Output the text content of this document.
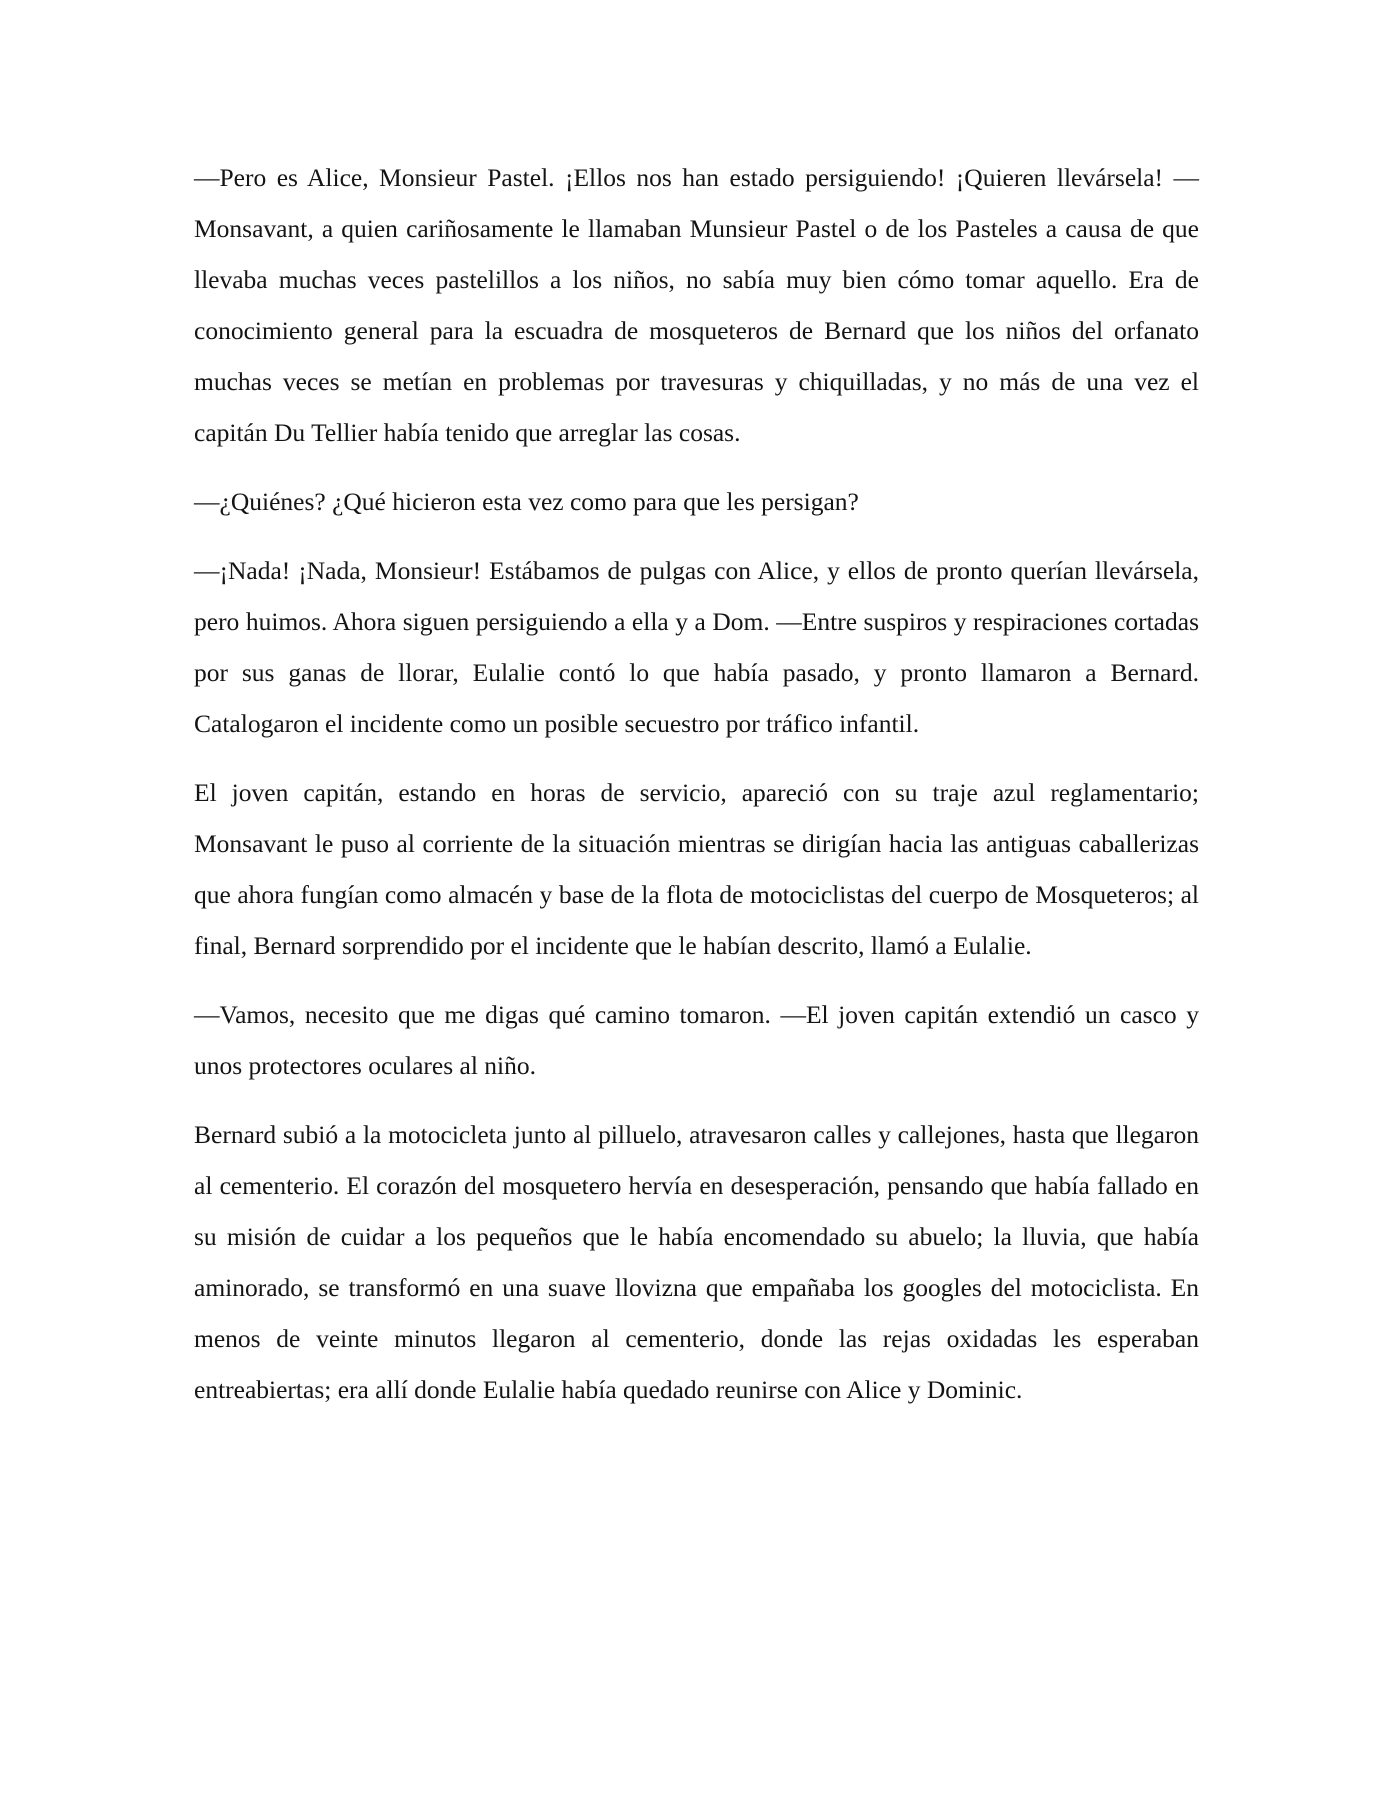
—Pero es Alice, Monsieur Pastel. ¡Ellos nos han estado persiguiendo! ¡Quieren llevársela! —Monsavant, a quien cariñosamente le llamaban Munsieur Pastel o de los Pasteles a causa de que llevaba muchas veces pastelillos a los niños, no sabía muy bien cómo tomar aquello. Era de conocimiento general para la escuadra de mosqueteros de Bernard que los niños del orfanato muchas veces se metían en problemas por travesuras y chiquilladas, y no más de una vez el capitán Du Tellier había tenido que arreglar las cosas.

—¿Quiénes? ¿Qué hicieron esta vez como para que les persigan?

—¡Nada! ¡Nada, Monsieur! Estábamos de pulgas con Alice, y ellos de pronto querían llevársela, pero huimos. Ahora siguen persiguiendo a ella y a Dom. —Entre suspiros y respiraciones cortadas por sus ganas de llorar, Eulalie contó lo que había pasado, y pronto llamaron a Bernard. Catalogaron el incidente como un posible secuestro por tráfico infantil.

El joven capitán, estando en horas de servicio, apareció con su traje azul reglamentario; Monsavant le puso al corriente de la situación mientras se dirigían hacia las antiguas caballerizas que ahora fungían como almacén y base de la flota de motociclistas del cuerpo de Mosqueteros; al final, Bernard sorprendido por el incidente que le habían descrito, llamó a Eulalie.

—Vamos, necesito que me digas qué camino tomaron. —El joven capitán extendió un casco y unos protectores oculares al niño.

Bernard subió a la motocicleta junto al pilluelo, atravesaron calles y callejones, hasta que llegaron al cementerio. El corazón del mosquetero hervía en desesperación, pensando que había fallado en su misión de cuidar a los pequeños que le había encomendado su abuelo; la lluvia, que había aminorado, se transformó en una suave llovizna que empañaba los googles del motociclista. En menos de veinte minutos llegaron al cementerio, donde las rejas oxidadas les esperaban entreabiertas; era allí donde Eulalie había quedado reunirse con Alice y Dominic.
